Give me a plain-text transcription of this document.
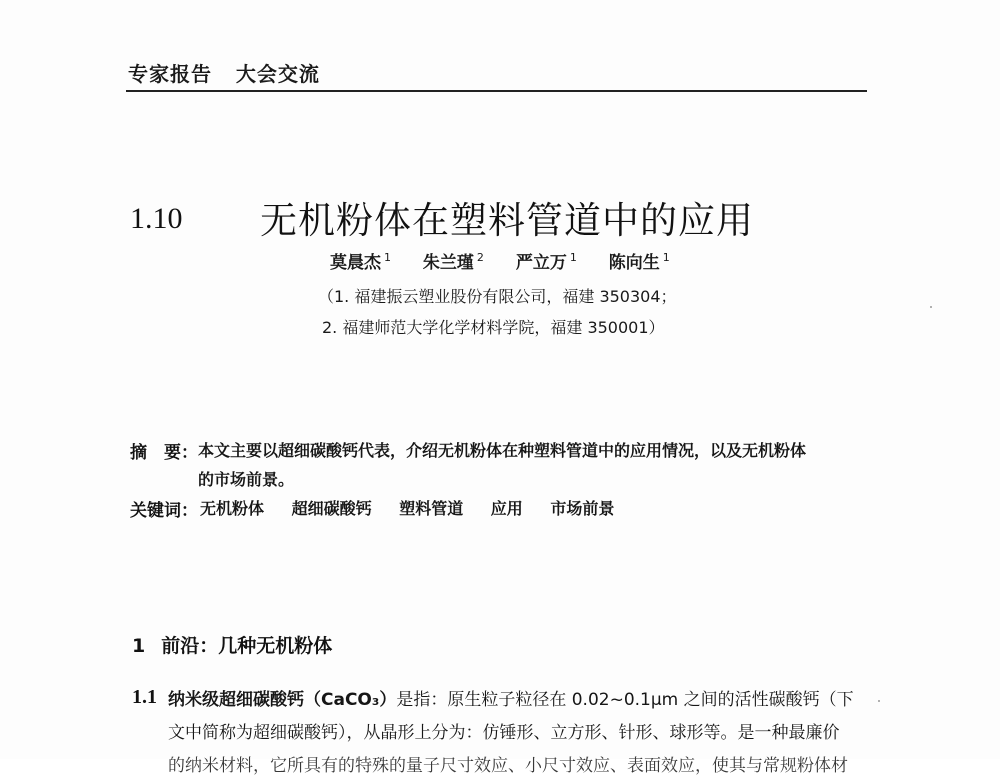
专家报告 大会交流
1.10 无机粉体在塑料管道中的应用
莫晨杰 $^1$ 朱兰瑾 $^2$ 严立万 $^1$ 陈向生 $^1$
（1. 福建振云塑业股份有限公司，福建 350304；
2. 福建师范大学化学材料学院，福建 350001）
摘　要： 本文主要以超细碳酸钙代表，介绍无机粉体在种塑料管道中的应用情况，以及无机粉体
的市场前景。
关键词： 无机粉体 超细碳酸钙 塑料管道 应用 市场前景
1 前沿：几种无机粉体
1.1 纳米级超细碳酸钙（CaCO₃）是指：原生粒子粒径在 0.02~0.1μm 之间的活性碳酸钙（下
文中简称为超细碳酸钙），从晶形上分为：仿锤形、立方形、针形、球形等。是一种最廉价
的纳米材料，它所具有的特殊的量子尺寸效应、小尺寸效应、表面效应，使其与常规粉体材
